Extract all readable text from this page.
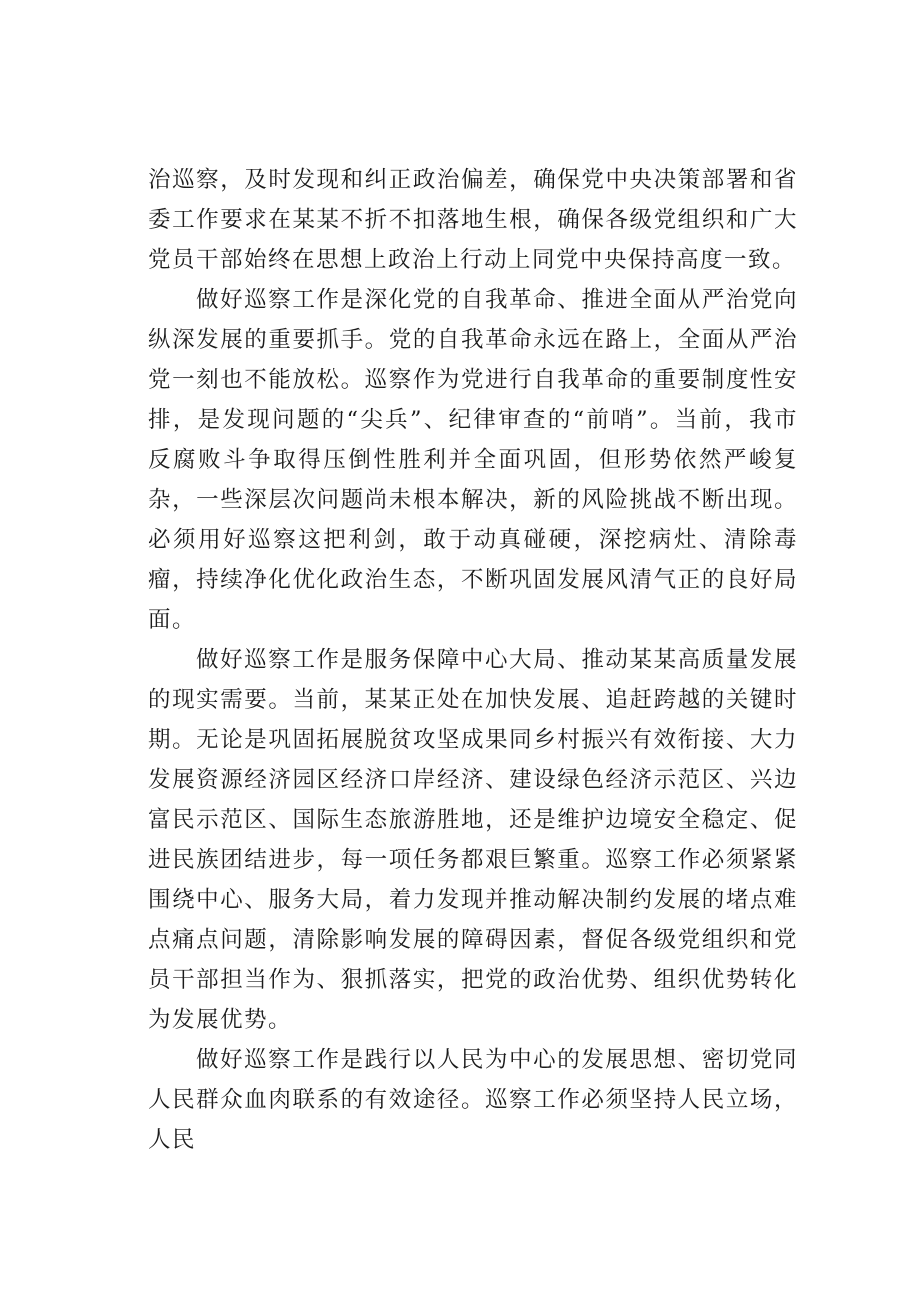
治巡察，及时发现和纠正政治偏差，确保党中央决策部署和省委工作要求在某某不折不扣落地生根，确保各级党组织和广大党员干部始终在思想上政治上行动上同党中央保持高度一致。

做好巡察工作是深化党的自我革命、推进全面从严治党向纵深发展的重要抓手。党的自我革命永远在路上，全面从严治党一刻也不能放松。巡察作为党进行自我革命的重要制度性安排，是发现问题的“尖兵”、纪律审查的“前哨”。当前，我市反腐败斗争取得压倒性胜利并全面巩固，但形势依然严峻复杂，一些深层次问题尚未根本解决，新的风险挑战不断出现。必须用好巡察这把利剑，敢于动真碰硬，深挖病灶、清除毒瘤，持续净化优化政治生态，不断巩固发展风清气正的良好局面。

做好巡察工作是服务保障中心大局、推动某某高质量发展的现实需要。当前，某某正处在加快发展、追赶跨越的关键时期。无论是巩固拓展脱贫攻坚成果同乡村振兴有效衔接、大力发展资源经济园区经济口岸经济、建设绿色经济示范区、兴边富民示范区、国际生态旅游胜地，还是维护边境安全稳定、促进民族团结进步，每一项任务都艰巨繁重。巡察工作必须紧紧围绕中心、服务大局，着力发现并推动解决制约发展的堵点难点痛点问题，清除影响发展的障碍因素，督促各级党组织和党员干部担当作为、狠抓落实，把党的政治优势、组织优势转化为发展优势。

做好巡察工作是践行以人民为中心的发展思想、密切党同人民群众血肉联系的有效途径。巡察工作必须坚持人民立场，人民
